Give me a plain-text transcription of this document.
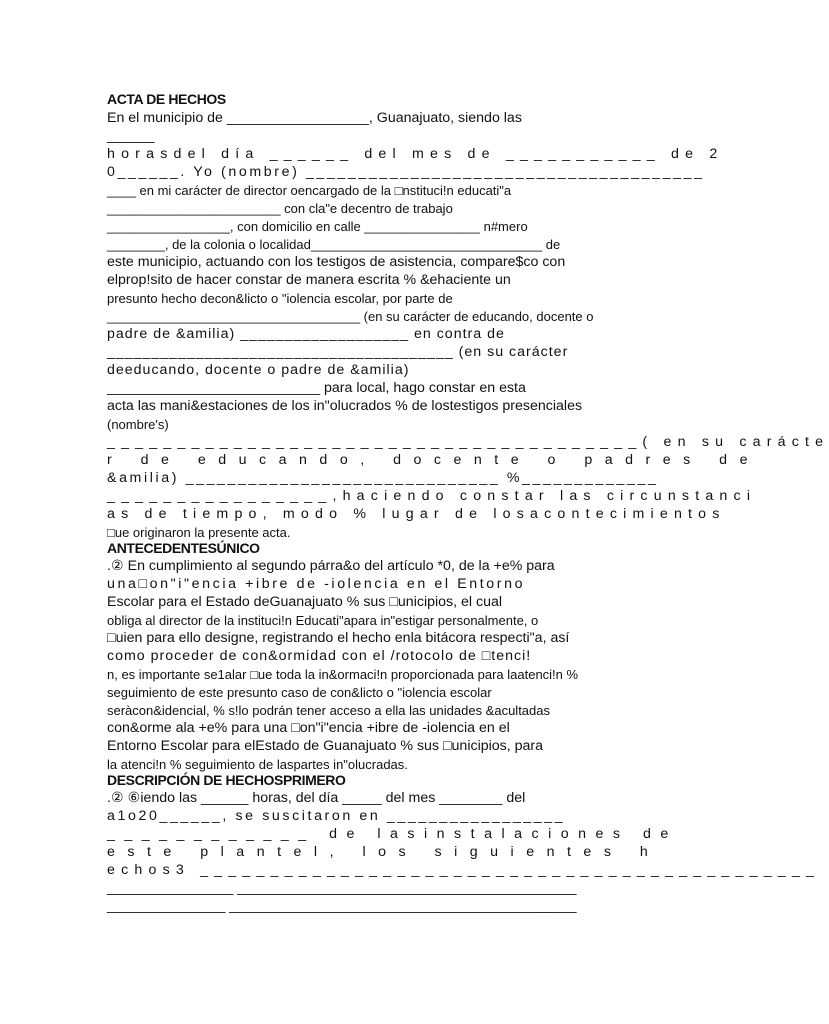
ACTA DE HECHOS
En el municipio de __________________, Guanajuato, siendo las
______
horasdel día ______ del mes de ___________ de 2
0______. Yo (nombre) ______________________________________
____ en mi carácter de director oencargado de la □nstituci!n educati"a
________________________ con cla"e decentro de trabajo
_________________, con domicilio en calle ________________ n#mero
________, de la colonia o localidad________________________________ de
este municipio, actuando con los testigos de asistencia, compare$co con
elprop!sito de hacer constar de manera escrita % &ehaciente un
presunto hecho decon&licto o "iolencia escolar, por parte de
___________________________________ (en su carácter de educando, docente o
padre de &amilia) ___________________ en contra de
_______________________________________ (en su carácter
deeducando, docente o padre de &amilia)
___________________________ para local, hago constar en esta
acta las mani&estaciones de los in"olucrados % de lostestigos presenciales
(nombre's)
______________________________________( en su carácte
r de educando, docente o padres de
&amilia) ______________________________ %_____________
________________,haciendo constar las circunstanci
as de tiempo, modo % lugar de losacontecimientos
□ue originaron la presente acta.
ANTECEDENTESÚNICO
.② En cumplimiento al segundo párra&o del artículo *0, de la +e% para
una□on"i"encia +ibre de -iolencia en el Entorno
Escolar para el Estado deGuanajuato % sus □unicipios, el cual
obliga al director de la instituci!n Educati"apara in"estigar personalmente, o
□uien para ello designe, registrando el hecho enla bitácora respecti"a, así
como proceder de con&ormidad con el /rotocolo de □tenci!
n, es importante se1alar □ue toda la in&ormaci!n proporcionada para laatenci!n %
seguimiento de este presunto caso de con&licto o "iolencia escolar
seràcon&idencial, % s!lo podrán tener acceso a ella las unidades &acultadas
con&orme ala +e% para una □on"i"encia +ibre de -iolencia en el
Entorno Escolar para elEstado de Guanajuato % sus □unicipios, para
la atenci!n % seguimiento de laspartes in"olucradas.
DESCRIPCIÓN DE HECHOSPRIMERO
.② ⑥iendo las ______ horas, del día _____ del mes ________ del
a1o20______, se suscitaron en _________________
____________ de lasinstalaciones de
este plantel, los siguientes h
echos3 ____________________________________________
________________ ___________________________________________
_______________ ____________________________________________
